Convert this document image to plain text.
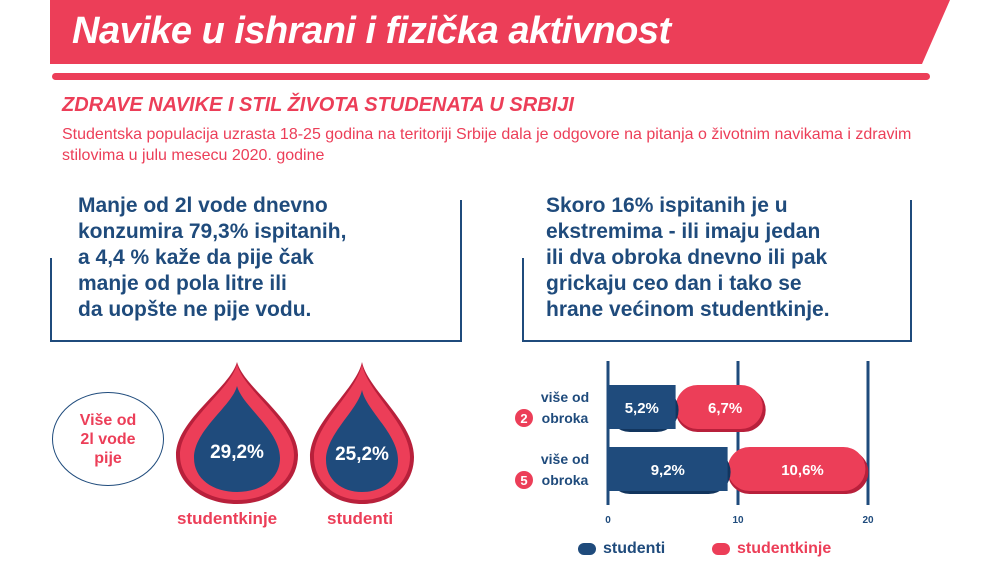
Navike u ishrani i fizička aktivnost
ZDRAVE NAVIKE I STIL ŽIVOTA STUDENATA U SRBIJI

Studentska populacija uzrasta 18-25 godina na teritoriji Srbije dala je odgovore na pitanja o životnim navikama i zdravim stilovima u julu mesecu 2020. godine

Manje od 2l vode dnevno
konzumira 79,3% ispitanih,
a 4,4 % kaže da pije čak
manje od pola litre ili
da uopšte ne pije vodu.

Skoro 16% ispitanih je u
ekstremima - ili imaju jedan
ili dva obroka dnevno ili pak
grickaju ceo dan i tako se
hrane većinom studentkinje.

Više od
2l vode
pije	29,2%
studentkinje
25,2%
studenti
5,2%	6,7%
9,2%	10,6%
2
više od
obroka
5
više od
obroka
0	10	20
studenti	studentkinje
